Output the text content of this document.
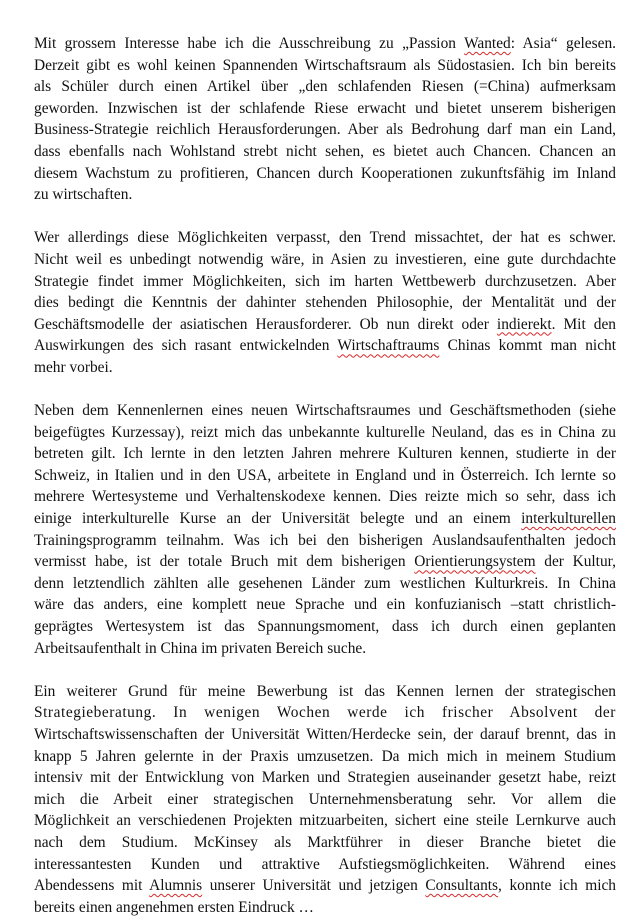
Mit grossem Interesse habe ich die Ausschreibung zu „Passion Wanted: Asia“ gelesen.
Derzeit gibt es wohl keinen Spannenden Wirtschaftsraum als Südostasien. Ich bin bereits
als Schüler durch einen Artikel über „den schlafenden Riesen (=China) aufmerksam
geworden. Inzwischen ist der schlafende Riese erwacht und bietet unserem bisherigen
Business-Strategie reichlich Herausforderungen. Aber als Bedrohung darf man ein Land,
dass ebenfalls nach Wohlstand strebt nicht sehen, es bietet auch Chancen. Chancen an
diesem Wachstum zu profitieren, Chancen durch Kooperationen zukunftsfähig im Inland
zu wirtschaften.

Wer allerdings diese Möglichkeiten verpasst, den Trend missachtet, der hat es schwer.
Nicht weil es unbedingt notwendig wäre, in Asien zu investieren, eine gute durchdachte
Strategie findet immer Möglichkeiten, sich im harten Wettbewerb durchzusetzen. Aber
dies bedingt die Kenntnis der dahinter stehenden Philosophie, der Mentalität und der
Geschäftsmodelle der asiatischen Herausforderer. Ob nun direkt oder indierekt. Mit den
Auswirkungen des sich rasant entwickelnden Wirtschaftraums Chinas kommt man nicht
mehr vorbei.

Neben dem Kennenlernen eines neuen Wirtschaftsraumes und Geschäftsmethoden (siehe
beigefügtes Kurzessay), reizt mich das unbekannte kulturelle Neuland, das es in China zu
betreten gilt. Ich lernte in den letzten Jahren mehrere Kulturen kennen, studierte in der
Schweiz, in Italien und in den USA, arbeitete in England und in Österreich. Ich lernte so
mehrere Wertesysteme und Verhaltenskodexe kennen. Dies reizte mich so sehr, dass ich
einige interkulturelle Kurse an der Universität belegte und an einem interkulturellen
Trainingsprogramm teilnahm. Was ich bei den bisherigen Auslandsaufenthalten jedoch
vermisst habe, ist der totale Bruch mit dem bisherigen Orientierungsystem der Kultur,
denn letztendlich zählten alle gesehenen Länder zum westlichen Kulturkreis. In China
wäre das anders, eine komplett neue Sprache und ein konfuzianisch –statt christlich-
geprägtes Wertesystem ist das Spannungsmoment, dass ich durch einen geplanten
Arbeitsaufenthalt in China im privaten Bereich suche.

Ein weiterer Grund für meine Bewerbung ist das Kennen lernen der strategischen
Strategieberatung. In wenigen Wochen werde ich frischer Absolvent der
Wirtschaftswissenschaften der Universität Witten/Herdecke sein, der darauf brennt, das in
knapp 5 Jahren gelernte in der Praxis umzusetzen. Da mich mich in meinem Studium
intensiv mit der Entwicklung von Marken und Strategien auseinander gesetzt habe, reizt
mich die Arbeit einer strategischen Unternehmensberatung sehr. Vor allem die
Möglichkeit an verschiedenen Projekten mitzuarbeiten, sichert eine steile Lernkurve auch
nach dem Studium. McKinsey als Marktführer in dieser Branche bietet die
interessantesten Kunden und attraktive Aufstiegsmöglichkeiten. Während eines
Abendessens mit Alumnis unserer Universität und jetzigen Consultants, konnte ich mich
bereits einen angenehmen ersten Eindruck …
